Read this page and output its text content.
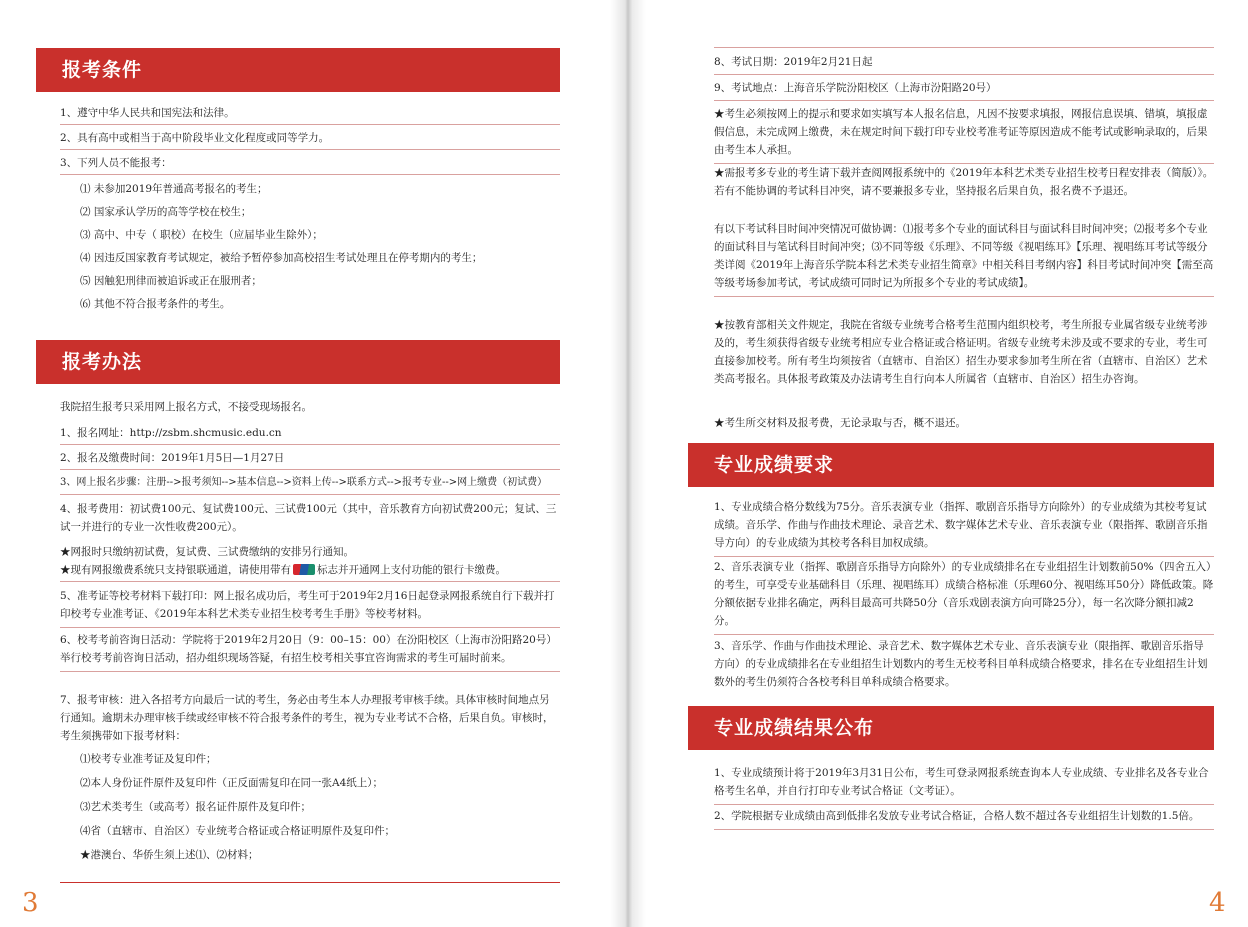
报考条件
1、遵守中华人民共和国宪法和法律。
2、具有高中或相当于高中阶段毕业文化程度或同等学力。
3、下列人员不能报考：
⑴ 未参加2019年普通高考报名的考生；
⑵ 国家承认学历的高等学校在校生；
⑶ 高中、中专（ 职校）在校生（应届毕业生除外）；
⑷ 因违反国家教育考试规定，被给予暂停参加高校招生考试处理且在停考期内的考生；
⑸ 因触犯刑律而被追诉或正在服刑者；
⑹ 其他不符合报考条件的考生。
报考办法
我院招生报考只采用网上报名方式，不接受现场报名。
1、报名网址：http://zsbm.shcmusic.edu.cn
2、报名及缴费时间：2019年1月5日—1月27日
3、网上报名步骤：注册-->报考须知-->基本信息-->资料上传-->联系方式-->报考专业-->网上缴费（初试费）
4、报考费用：初试费100元、复试费100元、三试费100元（其中，音乐教育方向初试费200元；复试、三试一并进行的专业一次性收费200元）。
★网报时只缴纳初试费，复试费、三试费缴纳的安排另行通知。
★现有网报缴费系统只支持银联通道，请使用带有 标志并开通网上支付功能的银行卡缴费。
5、准考证等校考材料下载打印：网上报名成功后，考生可于2019年2月16日起登录网报系统自行下载并打印校考专业准考证、《2019年本科艺术类专业招生校考考生手册》等校考材料。
6、校考考前咨询日活动：学院将于2019年2月20日（9：00–15：00）在汾阳校区（上海市汾阳路20号）举行校考考前咨询日活动，招办组织现场答疑，有招生校考相关事宜咨询需求的考生可届时前来。
7、报考审核：进入各招考方向最后一试的考生，务必由考生本人办理报考审核手续。具体审核时间地点另行通知。逾期未办理审核手续或经审核不符合报考条件的考生，视为专业考试不合格，后果自负。审核时，考生须携带如下报考材料：
⑴校考专业准考证及复印件；
⑵本人身份证件原件及复印件（正反面需复印在同一张A4纸上）；
⑶艺术类考生（或高考）报名证件原件及复印件；
⑷省（直辖市、自治区）专业统考合格证或合格证明原件及复印件；
★港澳台、华侨生须上述⑴、⑵材料；
3
8、考试日期：2019年2月21日起
9、考试地点：上海音乐学院汾阳校区（上海市汾阳路20号）
★考生必须按网上的提示和要求如实填写本人报名信息，凡因不按要求填报，网报信息误填、错填，填报虚假信息，未完成网上缴费，未在规定时间下载打印专业校考准考证等原因造成不能考试或影响录取的，后果由考生本人承担。
★需报考多专业的考生请下载并查阅网报系统中的《2019年本科艺术类专业招生校考日程安排表（简版）》。若有不能协调的考试科目冲突，请不要兼报多专业，坚持报名后果自负，报名费不予退还。
有以下考试科目时间冲突情况可做协调：⑴报考多个专业的面试科目与面试科目时间冲突；⑵报考多个专业的面试科目与笔试科目时间冲突；⑶不同等级《乐理》、不同等级《视唱练耳》【乐理、视唱练耳考试等级分类详阅《2019年上海音乐学院本科艺术类专业招生简章》中相关科目考纲内容】科目考试时间冲突【需至高等级考场参加考试，考试成绩可同时记为所报多个专业的考试成绩】。
★按教育部相关文件规定，我院在省级专业统考合格考生范围内组织校考，考生所报专业属省级专业统考涉及的，考生须获得省级专业统考相应专业合格证或合格证明。省级专业统考未涉及或不要求的专业，考生可直接参加校考。所有考生均须按省（直辖市、自治区）招生办要求参加考生所在省（直辖市、自治区）艺术类高考报名。具体报考政策及办法请考生自行向本人所属省（直辖市、自治区）招生办咨询。
★考生所交材料及报考费，无论录取与否，概不退还。
专业成绩要求
1、专业成绩合格分数线为75分。音乐表演专业（指挥、歌剧音乐指导方向除外）的专业成绩为其校考复试成绩。音乐学、作曲与作曲技术理论、录音艺术、数字媒体艺术专业、音乐表演专业（限指挥、歌剧音乐指导方向）的专业成绩为其校考各科目加权成绩。
2、音乐表演专业（指挥、歌剧音乐指导方向除外）的专业成绩排名在专业组招生计划数前50%（四舍五入）的考生，可享受专业基础科目（乐理、视唱练耳）成绩合格标准（乐理60分、视唱练耳50分）降低政策。降分额依据专业排名确定，两科目最高可共降50分（音乐戏剧表演方向可降25分），每一名次降分额扣减2分。
3、音乐学、作曲与作曲技术理论、录音艺术、数字媒体艺术专业、音乐表演专业（限指挥、歌剧音乐指导方向）的专业成绩排名在专业组招生计划数内的考生无校考科目单科成绩合格要求，排名在专业组招生计划数外的考生仍须符合各校考科目单科成绩合格要求。
专业成绩结果公布
1、专业成绩预计将于2019年3月31日公布，考生可登录网报系统查询本人专业成绩、专业排名及各专业合格考生名单，并自行打印专业考试合格证（文考证）。
2、学院根据专业成绩由高到低排名发放专业考试合格证，合格人数不超过各专业组招生计划数的1.5倍。
4
